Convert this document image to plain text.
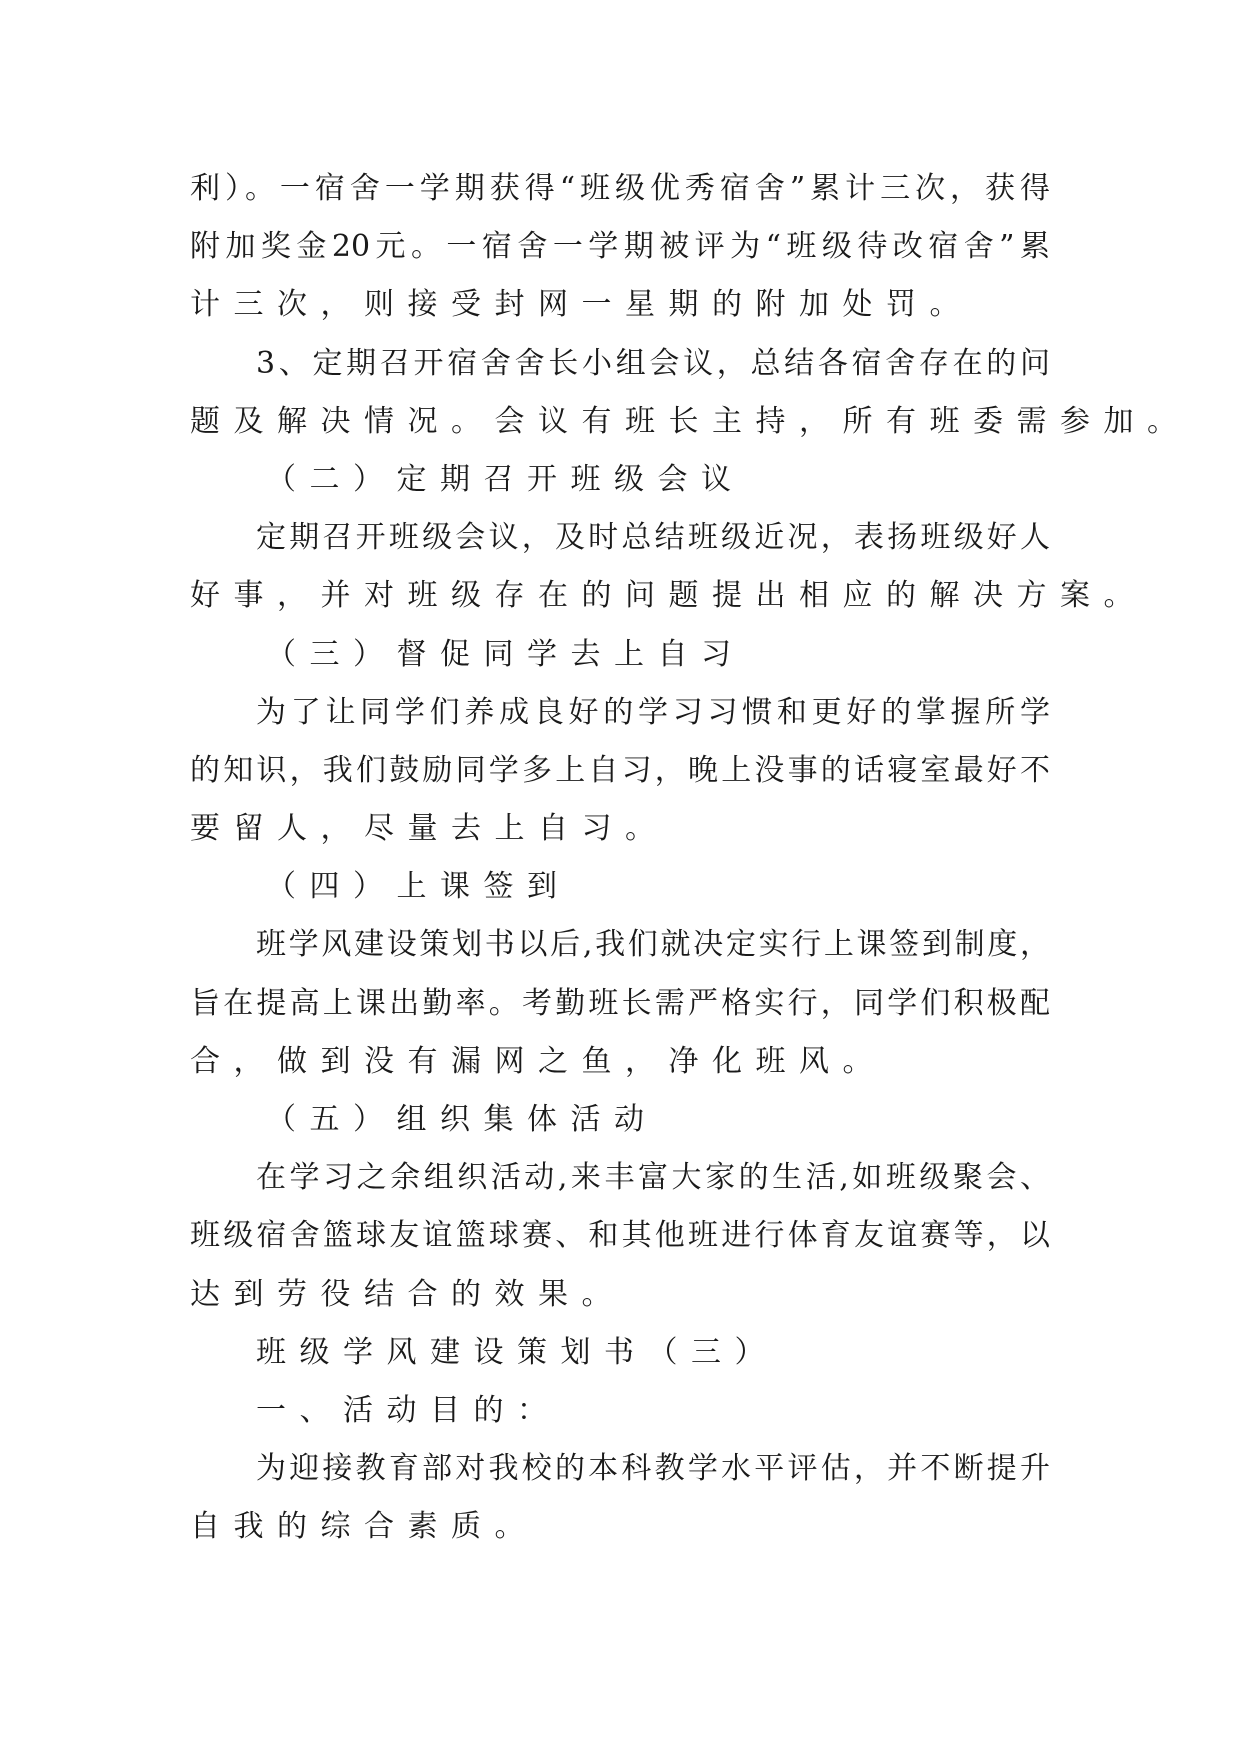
利）。一宿舍一学期获得“班级优秀宿舍”累计三次，获得
附加奖金20元。一宿舍一学期被评为“班级待改宿舍”累
计三次，则接受封网一星期的附加处罚。
3、定期召开宿舍舍长小组会议，总结各宿舍存在的问
题及解决情况。会议有班长主持，所有班委需参加。
（二）定期召开班级会议
定期召开班级会议，及时总结班级近况，表扬班级好人
好事，并对班级存在的问题提出相应的解决方案。
（三）督促同学去上自习
为了让同学们养成良好的学习习惯和更好的掌握所学
的知识，我们鼓励同学多上自习，晚上没事的话寝室最好不
要留人，尽量去上自习。
（四）上课签到
班学风建设策划书以后,我们就决定实行上课签到制度，
旨在提高上课出勤率。考勤班长需严格实行，同学们积极配
合，做到没有漏网之鱼，净化班风。
（五）组织集体活动
在学习之余组织活动,来丰富大家的生活,如班级聚会、
班级宿舍篮球友谊篮球赛、和其他班进行体育友谊赛等，以
达到劳役结合的效果。
班级学风建设策划书（三）
一、活动目的：
为迎接教育部对我校的本科教学水平评估，并不断提升
自我的综合素质。
